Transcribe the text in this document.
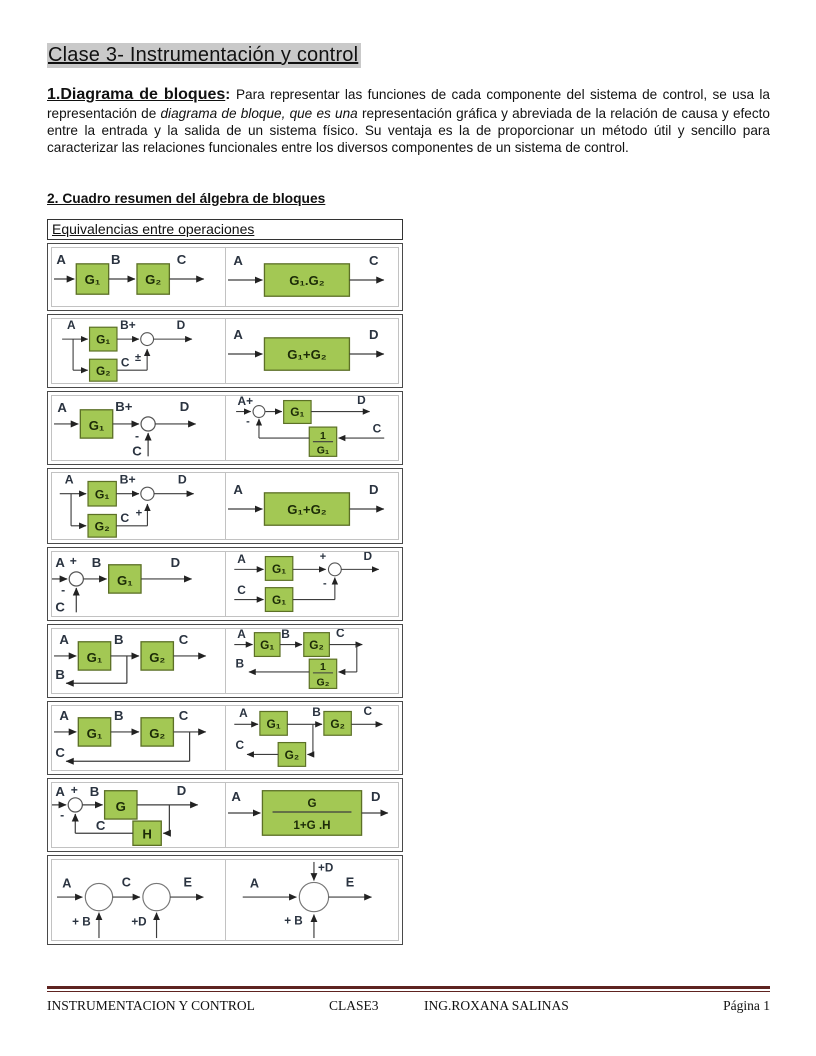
Clase 3- Instrumentación y control

1.Diagrama de bloques: Para representar las funciones de cada componente del sistema de control, se usa la representación de diagrama de bloque, que es una representación gráfica y abreviada de la relación de causa y efecto entre la entrada y la salida de un sistema físico. Su ventaja es la de proporcionar un método útil y sencillo para caracterizar las relaciones funcionales entre los diversos componentes de un sistema de control.

2. Cuadro resumen del álgebra de bloques
Equivalencias entre operaciones
A
G₁
B
G₂
C	A
G₁.G₂
C
A
G₁
G₂
B+	D
C ±
A
G₁+G₂
D
A
G₁
B+	D
-
C
A+
-
G₁
D
1
G₁
C
A
G₁
G₂
B+	D
C +
A
G₁+G₂
D
A +
-
C
B
G₁
D	A
G₁
+	D
C
G₁
-
A
G₁
B
G₂
C
B
A
G₁
B
G₂
C
1
G₂
B
A
G₁
B
G₂
C
C
A
G₁
B
G₂
C
G₂
C
A + B
G
D
H
-
C
A	G
1+G .H
D
A	C	E
+ B	+D
+D
A	E
+ B
INSTRUMENTACION Y CONTROL	CLASE3	ING.ROXANA SALINAS	Página 1
